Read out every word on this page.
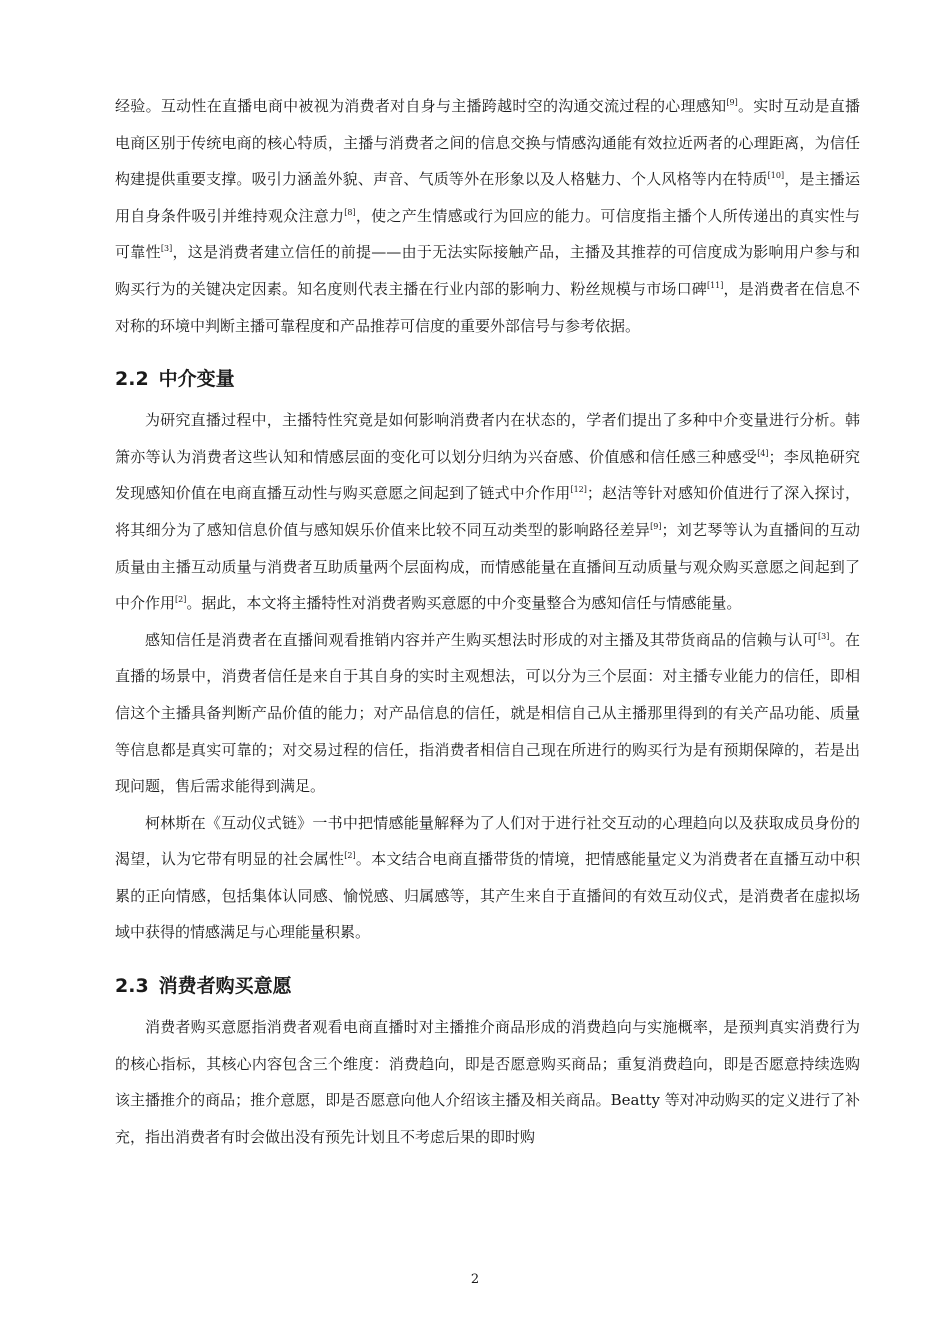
经验。互动性在直播电商中被视为消费者对自身与主播跨越时空的沟通交流过程的心理感知[9]。实时互动是直播电商区别于传统电商的核心特质，主播与消费者之间的信息交换与情感沟通能有效拉近两者的心理距离，为信任构建提供重要支撑。吸引力涵盖外貌、声音、气质等外在形象以及人格魅力、个人风格等内在特质[10]，是主播运用自身条件吸引并维持观众注意力[8]，使之产生情感或行为回应的能力。可信度指主播个人所传递出的真实性与可靠性[3]，这是消费者建立信任的前提——由于无法实际接触产品，主播及其推荐的可信度成为影响用户参与和购买行为的关键决定因素。知名度则代表主播在行业内部的影响力、粉丝规模与市场口碑[11]，是消费者在信息不对称的环境中判断主播可靠程度和产品推荐可信度的重要外部信号与参考依据。

2.2 中介变量

为研究直播过程中，主播特性究竟是如何影响消费者内在状态的，学者们提出了多种中介变量进行分析。韩箫亦等认为消费者这些认知和情感层面的变化可以划分归纳为兴奋感、价值感和信任感三种感受[4]；李凤艳研究发现感知价值在电商直播互动性与购买意愿之间起到了链式中介作用[12]；赵洁等针对感知价值进行了深入探讨，将其细分为了感知信息价值与感知娱乐价值来比较不同互动类型的影响路径差异[9]；刘艺琴等认为直播间的互动质量由主播互动质量与消费者互助质量两个层面构成，而情感能量在直播间互动质量与观众购买意愿之间起到了中介作用[2]。据此，本文将主播特性对消费者购买意愿的中介变量整合为感知信任与情感能量。

感知信任是消费者在直播间观看推销内容并产生购买想法时形成的对主播及其带货商品的信赖与认可[3]。在直播的场景中，消费者信任是来自于其自身的实时主观想法，可以分为三个层面：对主播专业能力的信任，即相信这个主播具备判断产品价值的能力；对产品信息的信任，就是相信自己从主播那里得到的有关产品功能、质量等信息都是真实可靠的；对交易过程的信任，指消费者相信自己现在所进行的购买行为是有预期保障的，若是出现问题，售后需求能得到满足。

柯林斯在《互动仪式链》一书中把情感能量解释为了人们对于进行社交互动的心理趋向以及获取成员身份的渴望，认为它带有明显的社会属性[2]。本文结合电商直播带货的情境，把情感能量定义为消费者在直播互动中积累的正向情感，包括集体认同感、愉悦感、归属感等，其产生来自于直播间的有效互动仪式，是消费者在虚拟场域中获得的情感满足与心理能量积累。

2.3 消费者购买意愿

消费者购买意愿指消费者观看电商直播时对主播推介商品形成的消费趋向与实施概率，是预判真实消费行为的核心指标，其核心内容包含三个维度：消费趋向，即是否愿意购买商品；重复消费趋向，即是否愿意持续选购该主播推介的商品；推介意愿，即是否愿意向他人介绍该主播及相关商品。Beatty 等对冲动购买的定义进行了补充，指出消费者有时会做出没有预先计划且不考虑后果的即时购

2
